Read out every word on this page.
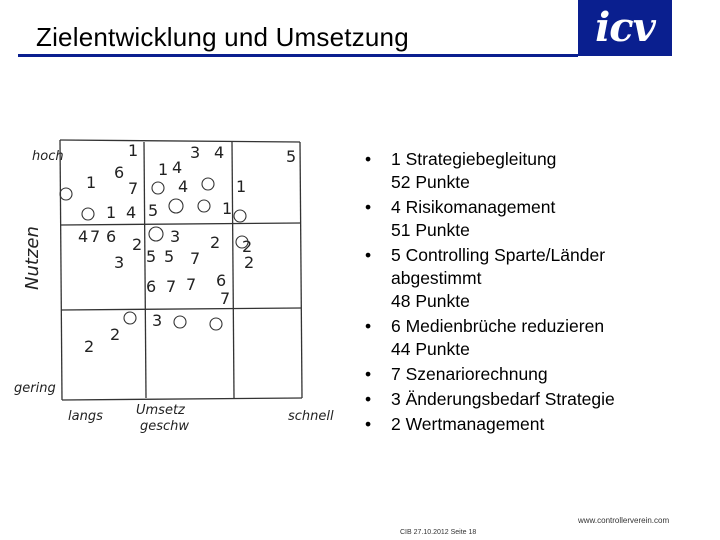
Zielentwicklung und Umsetzung	icv
hoch
Nutzen
gering
langs	Umsetz
geschw
schnell
1	3 4	5
6
1
1 4
7 4	1
1 4 5	1
4 7 6 2 3 2 2
3 5 5 7	2
6 7 7 6
7
3
2
2
• 1 Strategiebegleitung
52 Punkte
• 4 Risikomanagement
51 Punkte
• 5 Controlling Sparte/Länder
abgestimmt
48 Punkte
• 6 Medienbrüche reduzieren
44 Punkte
• 7 Szenariorechnung
• 3 Änderungsbedarf Strategie
• 2 Wertmanagement
www.controllerverein.com
CIB 27.10.2012 Seite 18
